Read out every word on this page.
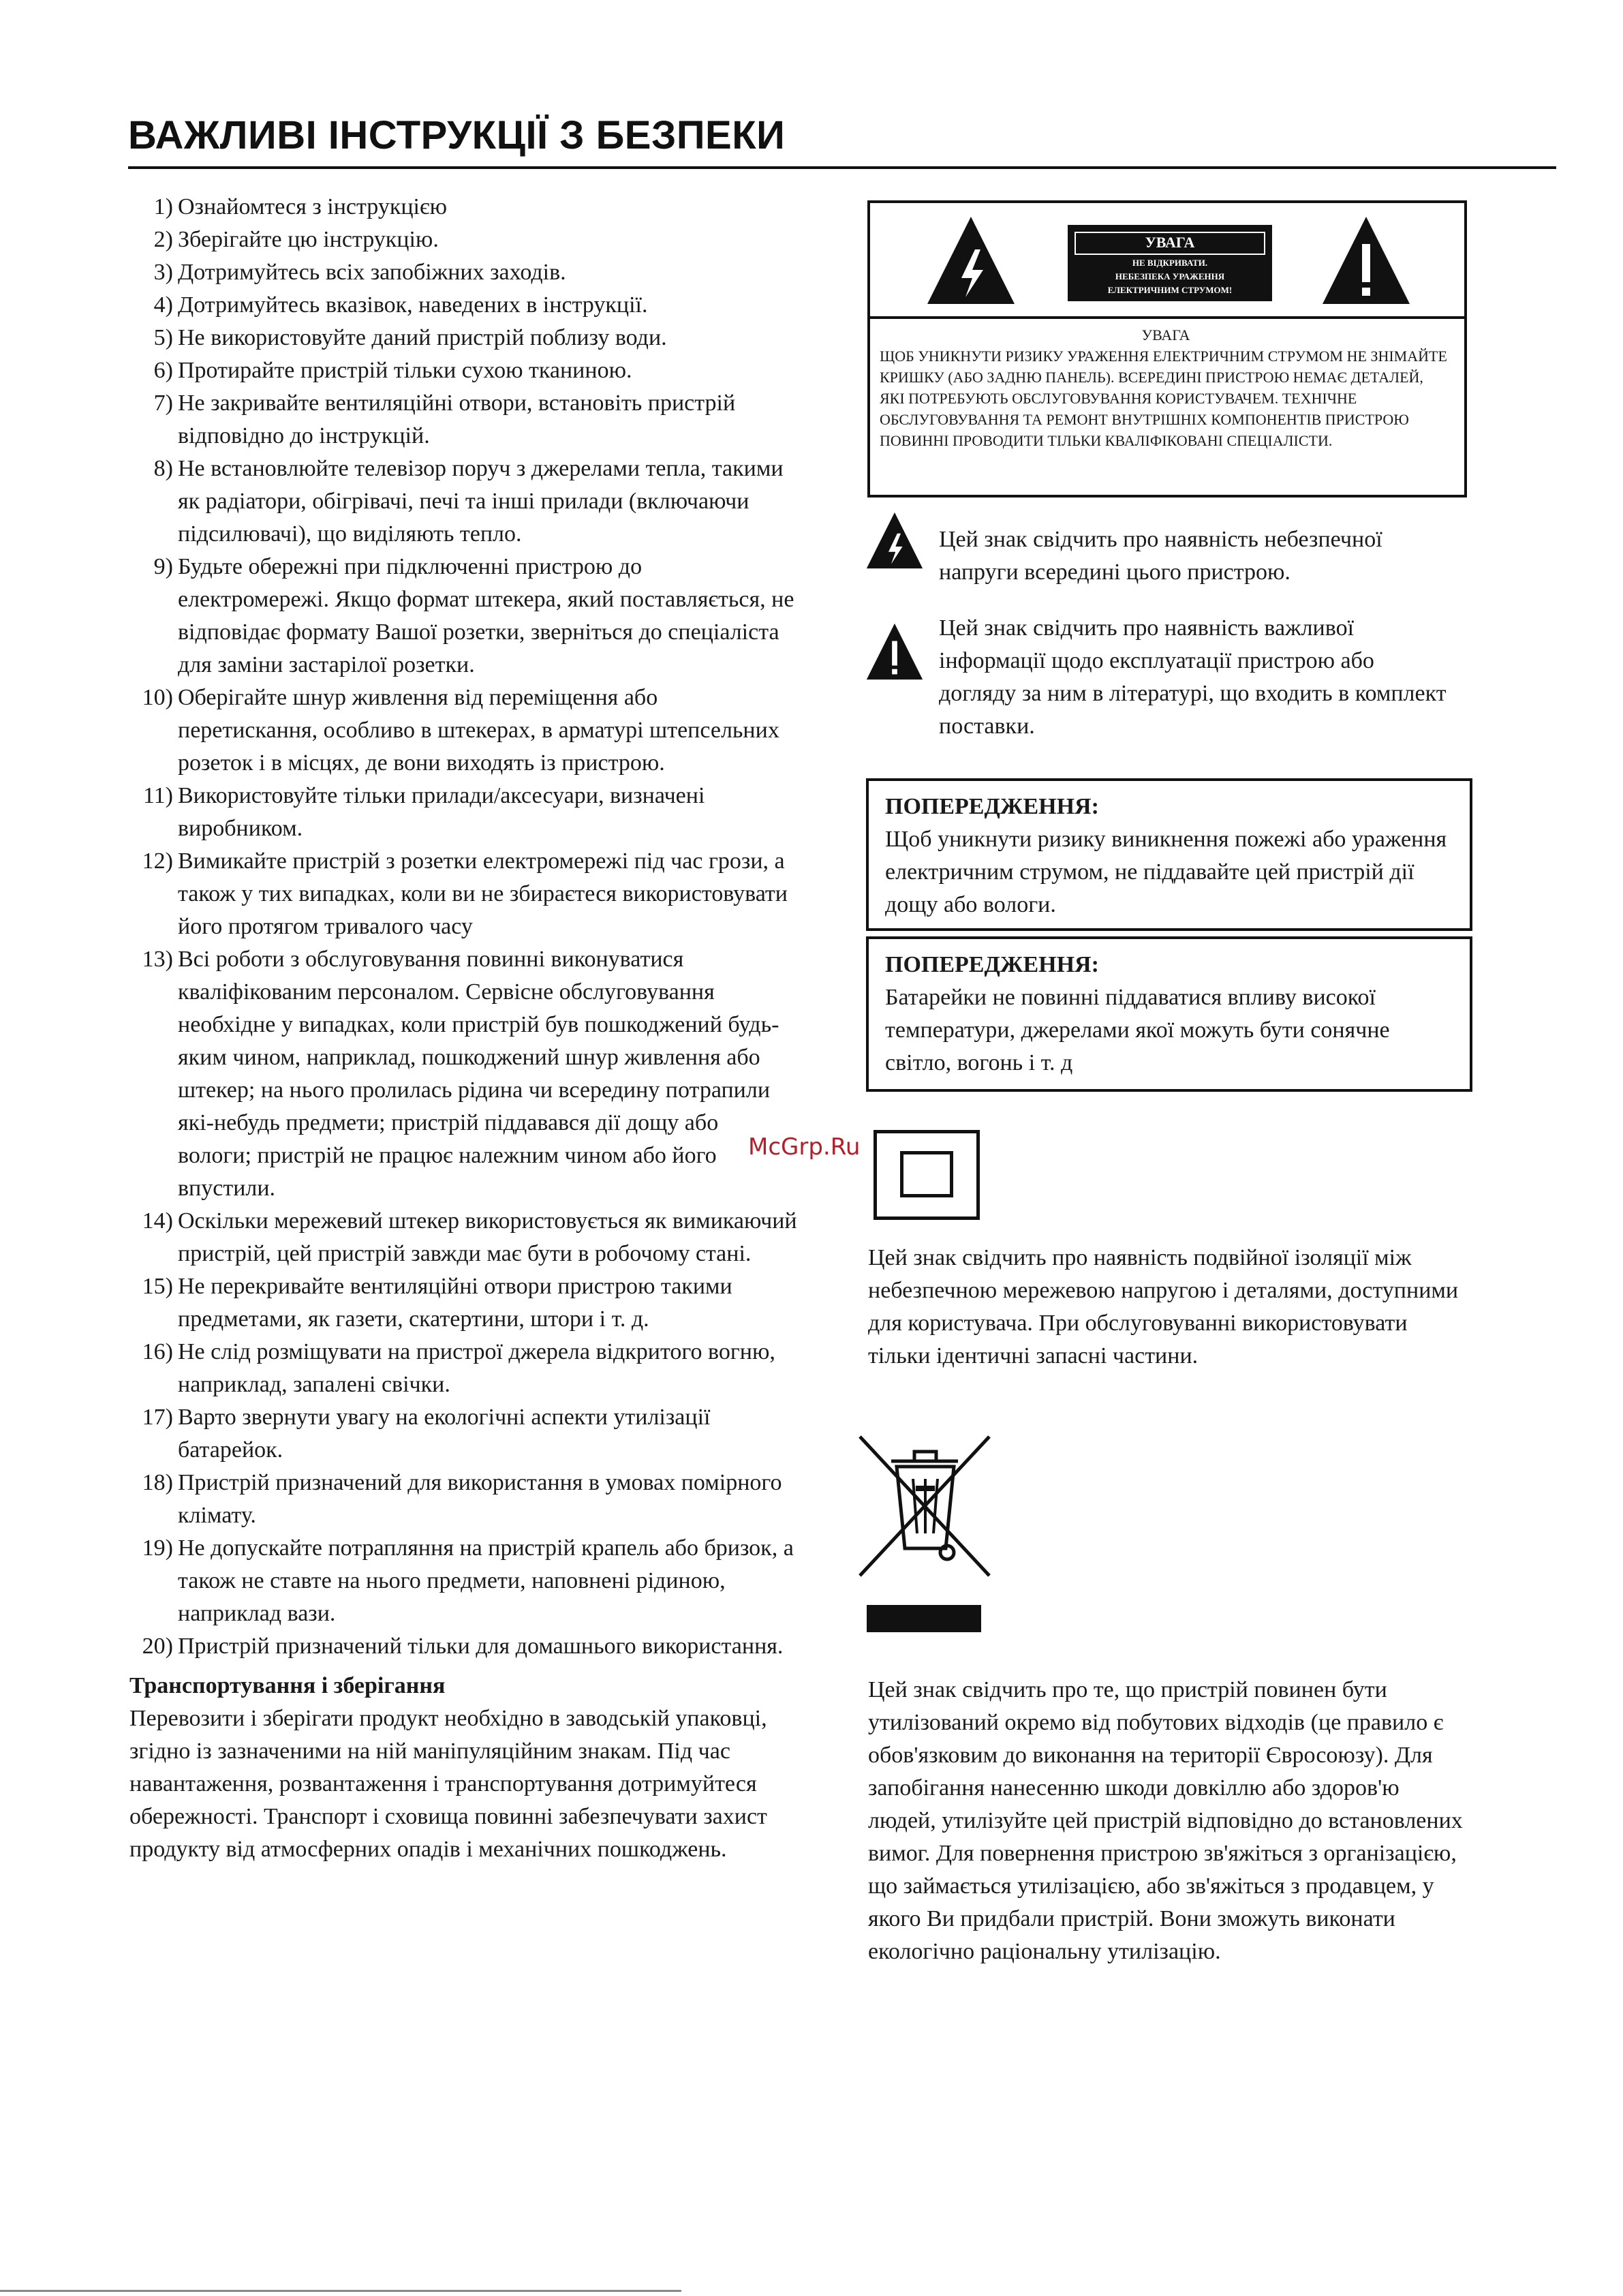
ВАЖЛИВІ ІНСТРУКЦІЇ З БЕЗПЕКИ
1) Ознайомтеся з інструкцією
2) Зберігайте цю інструкцію.
3) Дотримуйтесь всіх запобіжних заходів.
4) Дотримуйтесь вказівок, наведених в інструкції.
5) Не використовуйте даний пристрій поблизу води.
6) Протирайте пристрій тільки сухою тканиною.
7) Не закривайте вентиляційні отвори, встановіть пристрій відповідно до інструкцій.
8) Не встановлюйте телевізор поруч з джерелами тепла, такими як радіатори, обігрівачі, печі та інші прилади (включаючи підсилювачі), що виділяють тепло.
9) Будьте обережні при підключенні пристрою до електромережі. Якщо формат штекера, який поставляється, не відповідає формату Вашої розетки, зверніться до спеціаліста для заміни застарілої розетки.
10) Оберігайте шнур живлення від переміщення або перетискання, особливо в штекерах, в арматурі штепсельних розеток і в місцях, де вони виходять із пристрою.
11) Використовуйте тільки прилади/аксесуари, визначені виробником.
12) Вимикайте пристрій з розетки електромережі під час грози, а також у тих випадках, коли ви не збираєтеся використовувати його протягом тривалого часу
13) Всі роботи з обслуговування повинні виконуватися кваліфікованим персоналом. Сервісне обслуговування необхідне у випадках, коли пристрій був пошкоджений будь-яким чином, наприклад, пошкоджений шнур живлення або штекер; на нього пролилась рідина чи всередину потрапили які-небудь предмети; пристрій піддавався дії дощу або вологи; пристрій не працює належним чином або його впустили.
14) Оскільки мережевий штекер використовується як вимикаючий пристрій, цей пристрій завжди має бути в робочому стані.
15) Не перекривайте вентиляційні отвори пристрою такими предметами, як газети, скатертини, штори і т. д.
16) Не слід розміщувати на пристрої джерела відкритого вогню, наприклад, запалені свічки.
17) Варто звернути увагу на екологічні аспекти утилізації батарейок.
18) Пристрій призначений для використання в умовах помірного клімату.
19) Не допускайте потрапляння на пристрій крапель або бризок, а також не ставте на нього предмети, наповнені рідиною, наприклад вази.
20) Пристрій призначений тільки для домашнього використання.
Транспортування і зберігання

Перевозити і зберігати продукт необхідно в заводській упаковці, згідно із зазначеними на ній маніпуляційним знакам. Під час навантаження, розвантаження і транспортування дотримуйтеся обережності. Транспорт і сховища повинні забезпечувати захист продукту від атмосферних опадів і механічних пошкоджень.

УВАГА
НЕ ВІДКРИВАТИ.
НЕБЕЗПЕКА УРАЖЕННЯ
ЕЛЕКТРИЧНИМ СТРУМОМ!
УВАГА
ЩОБ УНИКНУТИ РИЗИКУ УРАЖЕННЯ ЕЛЕКТРИЧНИМ СТРУМОМ НЕ ЗНІМАЙТЕ КРИШКУ (АБО ЗАДНЮ ПАНЕЛЬ). ВСЕРЕДИНІ ПРИСТРОЮ НЕМАЄ ДЕТАЛЕЙ, ЯКІ ПОТРЕБУЮТЬ ОБСЛУГОВУВАННЯ КОРИСТУВАЧЕМ. ТЕХНІЧНЕ ОБСЛУГОВУВАННЯ ТА РЕМОНТ ВНУТРІШНІХ КОМПОНЕНТІВ ПРИСТРОЮ ПОВИННІ ПРОВОДИТИ ТІЛЬКИ КВАЛІФІКОВАНІ СПЕЦІАЛІСТИ.
Цей знак свідчить про наявність небезпечної напруги всередині цього пристрою.
Цей знак свідчить про наявність важливої інформації щодо експлуатації пристрою або догляду за ним в літературі, що входить в комплект поставки.
ПОПЕРЕДЖЕННЯ:
Щоб уникнути ризику виникнення пожежі або ураження електричним струмом, не піддавайте цей пристрій дії дощу або вологи.
ПОПЕРЕДЖЕННЯ:
Батарейки не повинні піддаватися впливу високої температури, джерелами якої можуть бути сонячне світло, вогонь і т. д
McGrp.Ru
Цей знак свідчить про наявність подвійної ізоляції між небезпечною мережевою напругою і деталями, доступними для користувача. При обслуговуванні використовувати тільки ідентичні запасні частини.
Цей знак свідчить про те, що пристрій повинен бути утилізований окремо від побутових відходів (це правило є обов'язковим до виконання на території Євросоюзу). Для запобігання нанесенню шкоди довкіллю або здоров'ю людей, утилізуйте цей пристрій відповідно до встановлених вимог. Для повернення пристрою зв'яжіться з організацією, що займається утилізацією, або зв'яжіться з продавцем, у якого Ви придбали пристрій. Вони зможуть виконати екологічно раціональну утилізацію.
